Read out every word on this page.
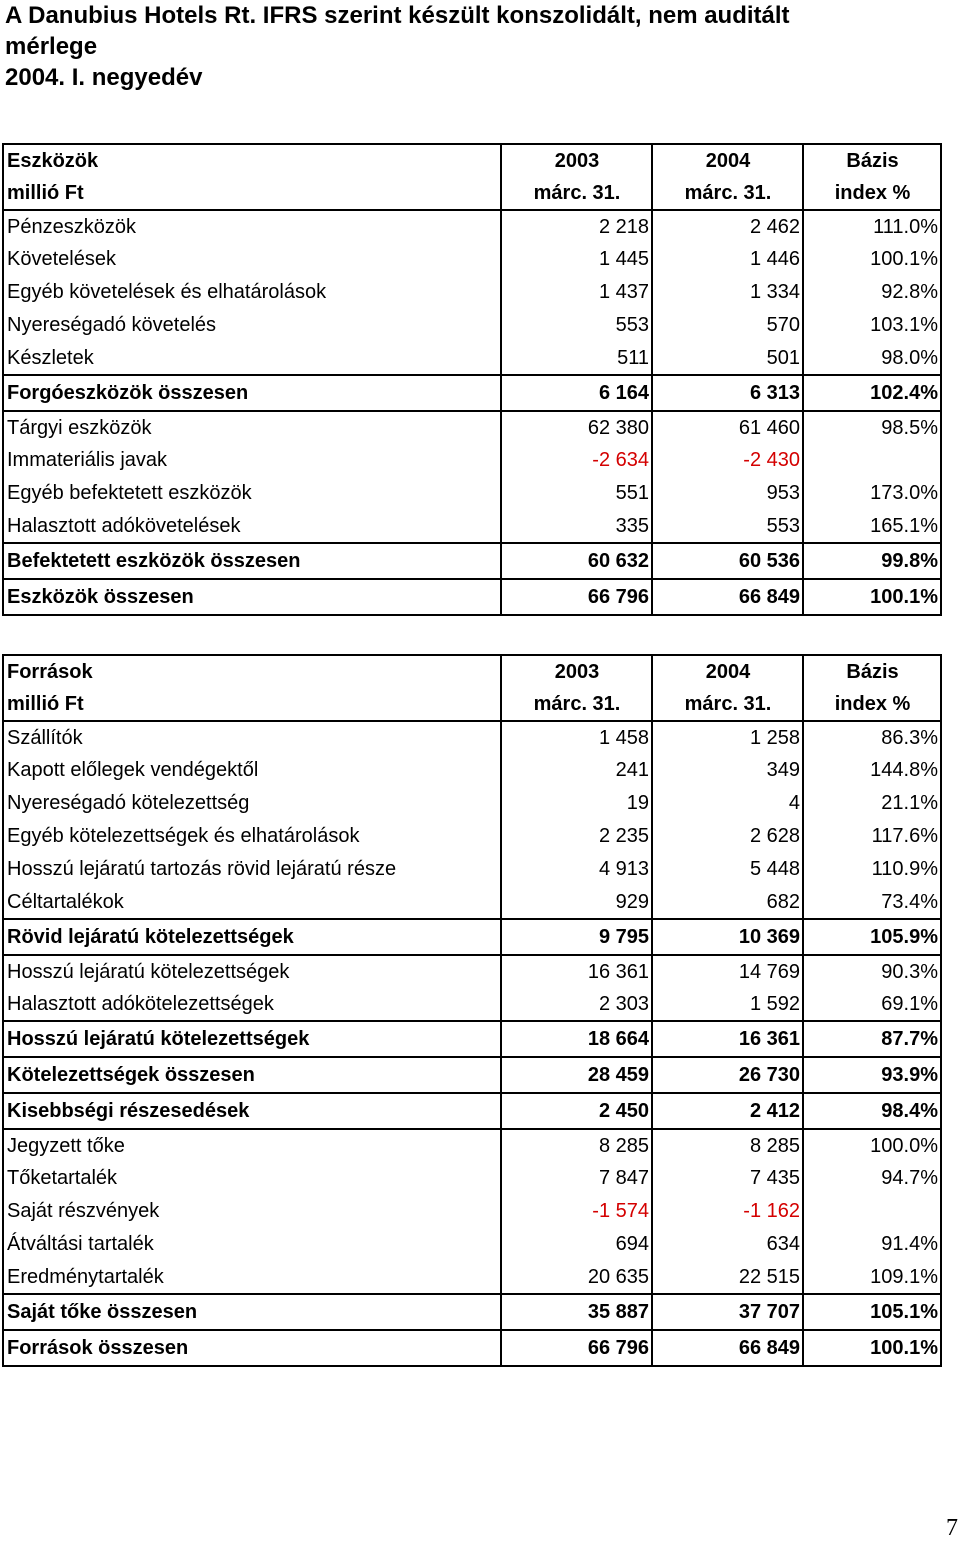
A Danubius Hotels Rt. IFRS szerint készült konszolidált, nem auditált
mérlege
2004. I. negyedév
Eszközök	2003	2004	Bázis
millió Ft	márc. 31.	márc. 31.	index %
Pénzeszközök	2 218	2 462	111.0%
Követelések	1 445	1 446	100.1%
Egyéb követelések és elhatárolások	1 437	1 334	92.8%
Nyereségadó követelés	553	570	103.1%
Készletek	511	501	98.0%
Forgóeszközök összesen	6 164	6 313	102.4%
Tárgyi eszközök	62 380	61 460	98.5%
Immateriális javak	-2 634	-2 430	
Egyéb befektetett eszközök	551	953	173.0%
Halasztott adókövetelések	335	553	165.1%
Befektetett eszközök összesen	60 632	60 536	99.8%
Eszközök összesen	66 796	66 849	100.1%
Források	2003	2004	Bázis
millió Ft	márc. 31.	márc. 31.	index %
Szállítók	1 458	1 258	86.3%
Kapott előlegek vendégektől	241	349	144.8%
Nyereségadó kötelezettség	19	4	21.1%
Egyéb kötelezettségek és elhatárolások	2 235	2 628	117.6%
Hosszú lejáratú tartozás rövid lejáratú része	4 913	5 448	110.9%
Céltartalékok	929	682	73.4%
Rövid lejáratú kötelezettségek	9 795	10 369	105.9%
Hosszú lejáratú kötelezettségek	16 361	14 769	90.3%
Halasztott adókötelezettségek	2 303	1 592	69.1%
Hosszú lejáratú kötelezettségek	18 664	16 361	87.7%
Kötelezettségek összesen	28 459	26 730	93.9%
Kisebbségi részesedések	2 450	2 412	98.4%
Jegyzett tőke	8 285	8 285	100.0%
Tőketartalék	7 847	7 435	94.7%
Saját részvények	-1 574	-1 162	
Átváltási tartalék	694	634	91.4%
Eredménytartalék	20 635	22 515	109.1%
Saját tőke összesen	35 887	37 707	105.1%
Források összesen	66 796	66 849	100.1%
7
